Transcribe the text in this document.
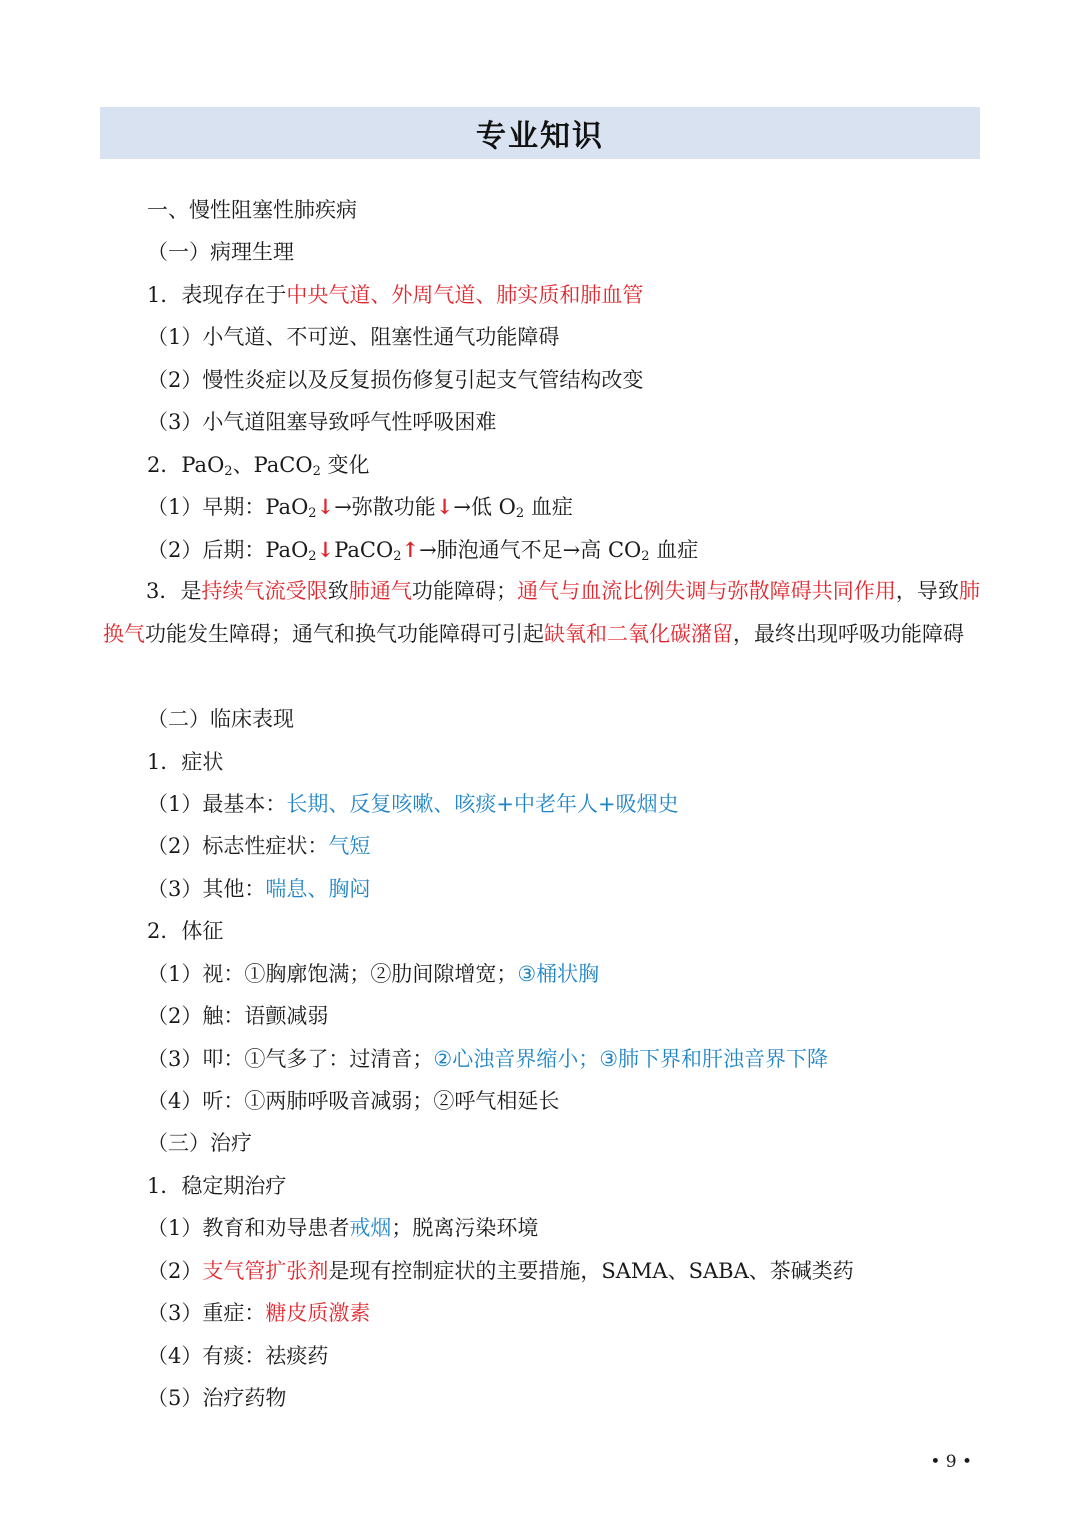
专业知识
一、慢性阻塞性肺疾病
（一）病理生理
1．表现存在于中央气道、外周气道、肺实质和肺血管
（1）小气道、不可逆、阻塞性通气功能障碍
（2）慢性炎症以及反复损伤修复引起支气管结构改变
（3）小气道阻塞导致呼气性呼吸困难
2．PaO$_2$、PaCO$_2$ 变化
（1）早期：PaO$_2$↓→弥散功能↓→低 $O_2$ 血症
（2）后期：PaO$_2$↓PaCO$_2$↑→肺泡通气不足→高 $CO_2$ 血症
3．是持续气流受限致肺通气功能障碍；通气与血流比例失调与弥散障碍共同作用，导致肺换气功能发生障碍；通气和换气功能障碍可引起缺氧和二氧化碳潴留，最终出现呼吸功能障碍
（二）临床表现
1．症状
（1）最基本：长期、反复咳嗽、咳痰+中老年人+吸烟史
（2）标志性症状：气短
（3）其他：喘息、胸闷
2．体征
（1）视：①胸廓饱满；②肋间隙增宽；③桶状胸
（2）触：语颤减弱
（3）叩：①气多了：过清音；②心浊音界缩小；③肺下界和肝浊音界下降
（4）听：①两肺呼吸音减弱；②呼气相延长
（三）治疗
1．稳定期治疗
（1）教育和劝导患者戒烟；脱离污染环境
（2）支气管扩张剂是现有控制症状的主要措施，SAMA、SABA、茶碱类药
（3）重症：糖皮质激素
（4）有痰：祛痰药
（5）治疗药物
• 9 •
